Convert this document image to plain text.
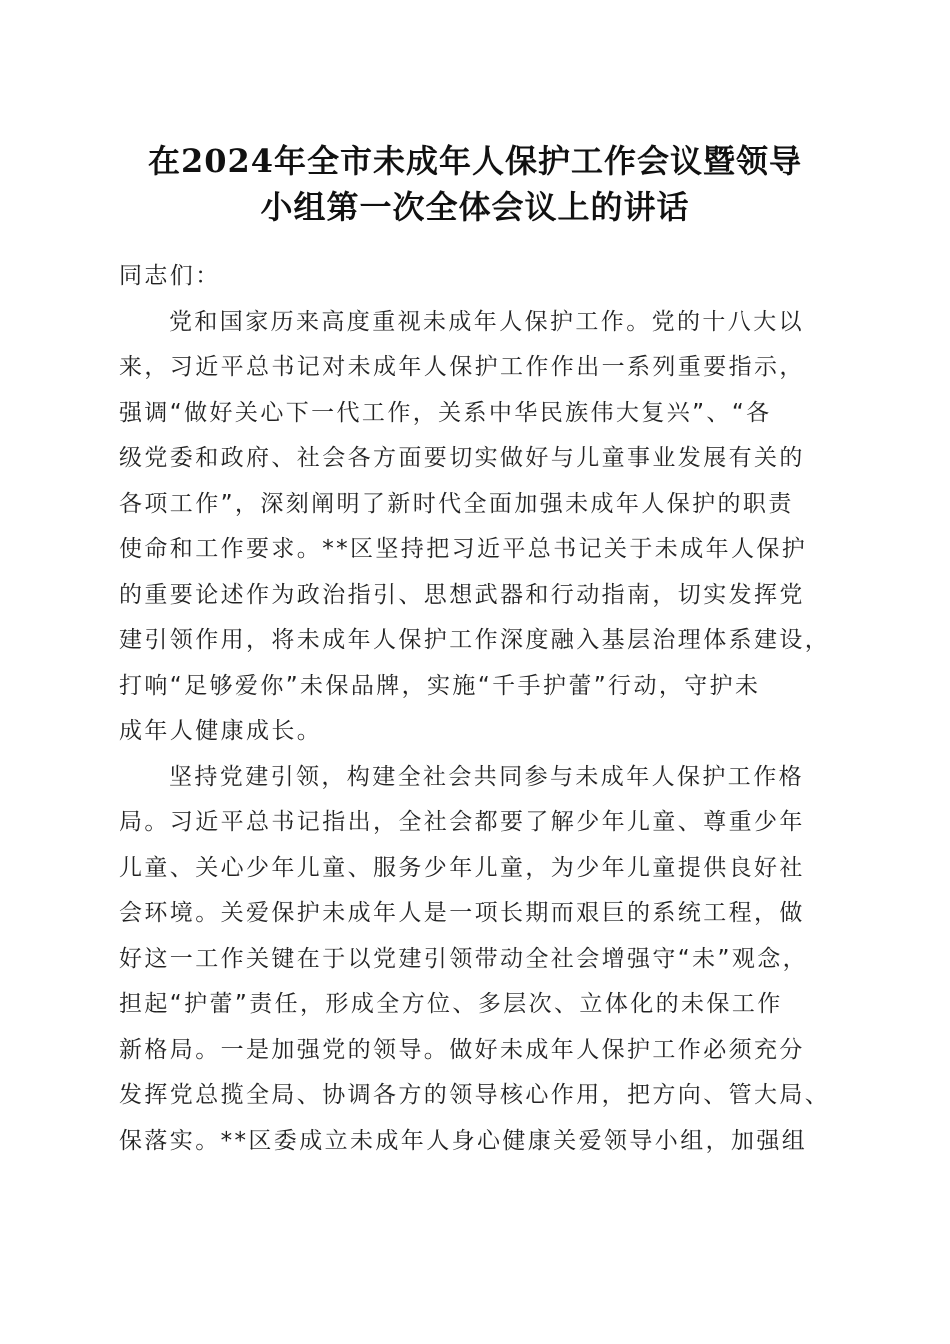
在2024年全市未成年人保护工作会议暨领导
小组第一次全体会议上的讲话

同志们：

党和国家历来高度重视未成年人保护工作。党的十八大以
来，习近平总书记对未成年人保护工作作出一系列重要指示，
强调“做好关心下一代工作，关系中华民族伟大复兴”、“各
级党委和政府、社会各方面要切实做好与儿童事业发展有关的
各项工作”，深刻阐明了新时代全面加强未成年人保护的职责
使命和工作要求。**区坚持把习近平总书记关于未成年人保护
的重要论述作为政治指引、思想武器和行动指南，切实发挥党
建引领作用，将未成年人保护工作深度融入基层治理体系建设，
打响“足够爱你”未保品牌，实施“千手护蕾”行动，守护未
成年人健康成长。

坚持党建引领，构建全社会共同参与未成年人保护工作格
局。习近平总书记指出，全社会都要了解少年儿童、尊重少年
儿童、关心少年儿童、服务少年儿童，为少年儿童提供良好社
会环境。关爱保护未成年人是一项长期而艰巨的系统工程，做
好这一工作关键在于以党建引领带动全社会增强守“未”观念，
担起“护蕾”责任，形成全方位、多层次、立体化的未保工作
新格局。一是加强党的领导。做好未成年人保护工作必须充分
发挥党总揽全局、协调各方的领导核心作用，把方向、管大局、
保落实。**区委成立未成年人身心健康关爱领导小组，加强组
